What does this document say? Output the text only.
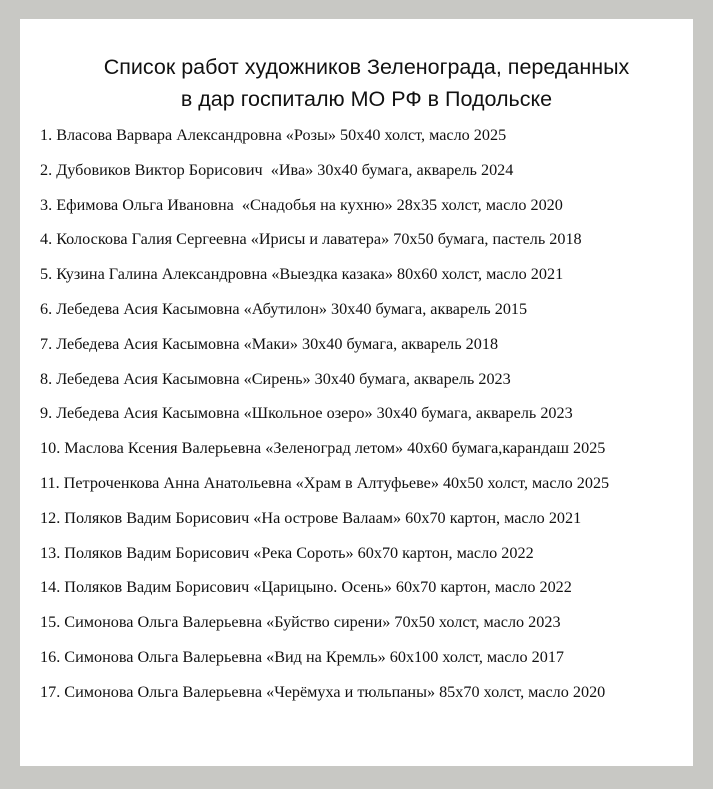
Список работ художников Зеленограда, переданных
в дар госпиталю МО РФ в Подольске
1. Власова Варвара Александровна «Розы» 50х40 холст, масло 2025
2. Дубовиков Виктор Борисович  «Ива» 30х40 бумага, акварель 2024
3. Ефимова Ольга Ивановна  «Снадобья на кухню» 28х35 холст, масло 2020
4. Колоскова Галия Сергеевна «Ирисы и лаватера» 70х50 бумага, пастель 2018
5. Кузина Галина Александровна «Выездка казака» 80х60 холст, масло 2021
6. Лебедева Асия Касымовна «Абутилон» 30х40 бумага, акварель 2015
7. Лебедева Асия Касымовна «Маки» 30х40 бумага, акварель 2018
8. Лебедева Асия Касымовна «Сирень» 30х40 бумага, акварель 2023
9. Лебедева Асия Касымовна «Школьное озеро» 30х40 бумага, акварель 2023
10. Маслова Ксения Валерьевна «Зеленоград летом» 40х60 бумага,карандаш 2025
11. Петроченкова Анна Анатольевна «Храм в Алтуфьеве» 40х50 холст, масло 2025
12. Поляков Вадим Борисович «На острове Валаам» 60х70 картон, масло 2021
13. Поляков Вадим Борисович «Река Сороть» 60х70 картон, масло 2022
14. Поляков Вадим Борисович «Царицыно. Осень» 60х70 картон, масло 2022
15. Симонова Ольга Валерьевна «Буйство сирени» 70х50 холст, масло 2023
16. Симонова Ольга Валерьевна «Вид на Кремль» 60х100 холст, масло 2017
17. Симонова Ольга Валерьевна «Черёмуха и тюльпаны» 85х70 холст, масло 2020
